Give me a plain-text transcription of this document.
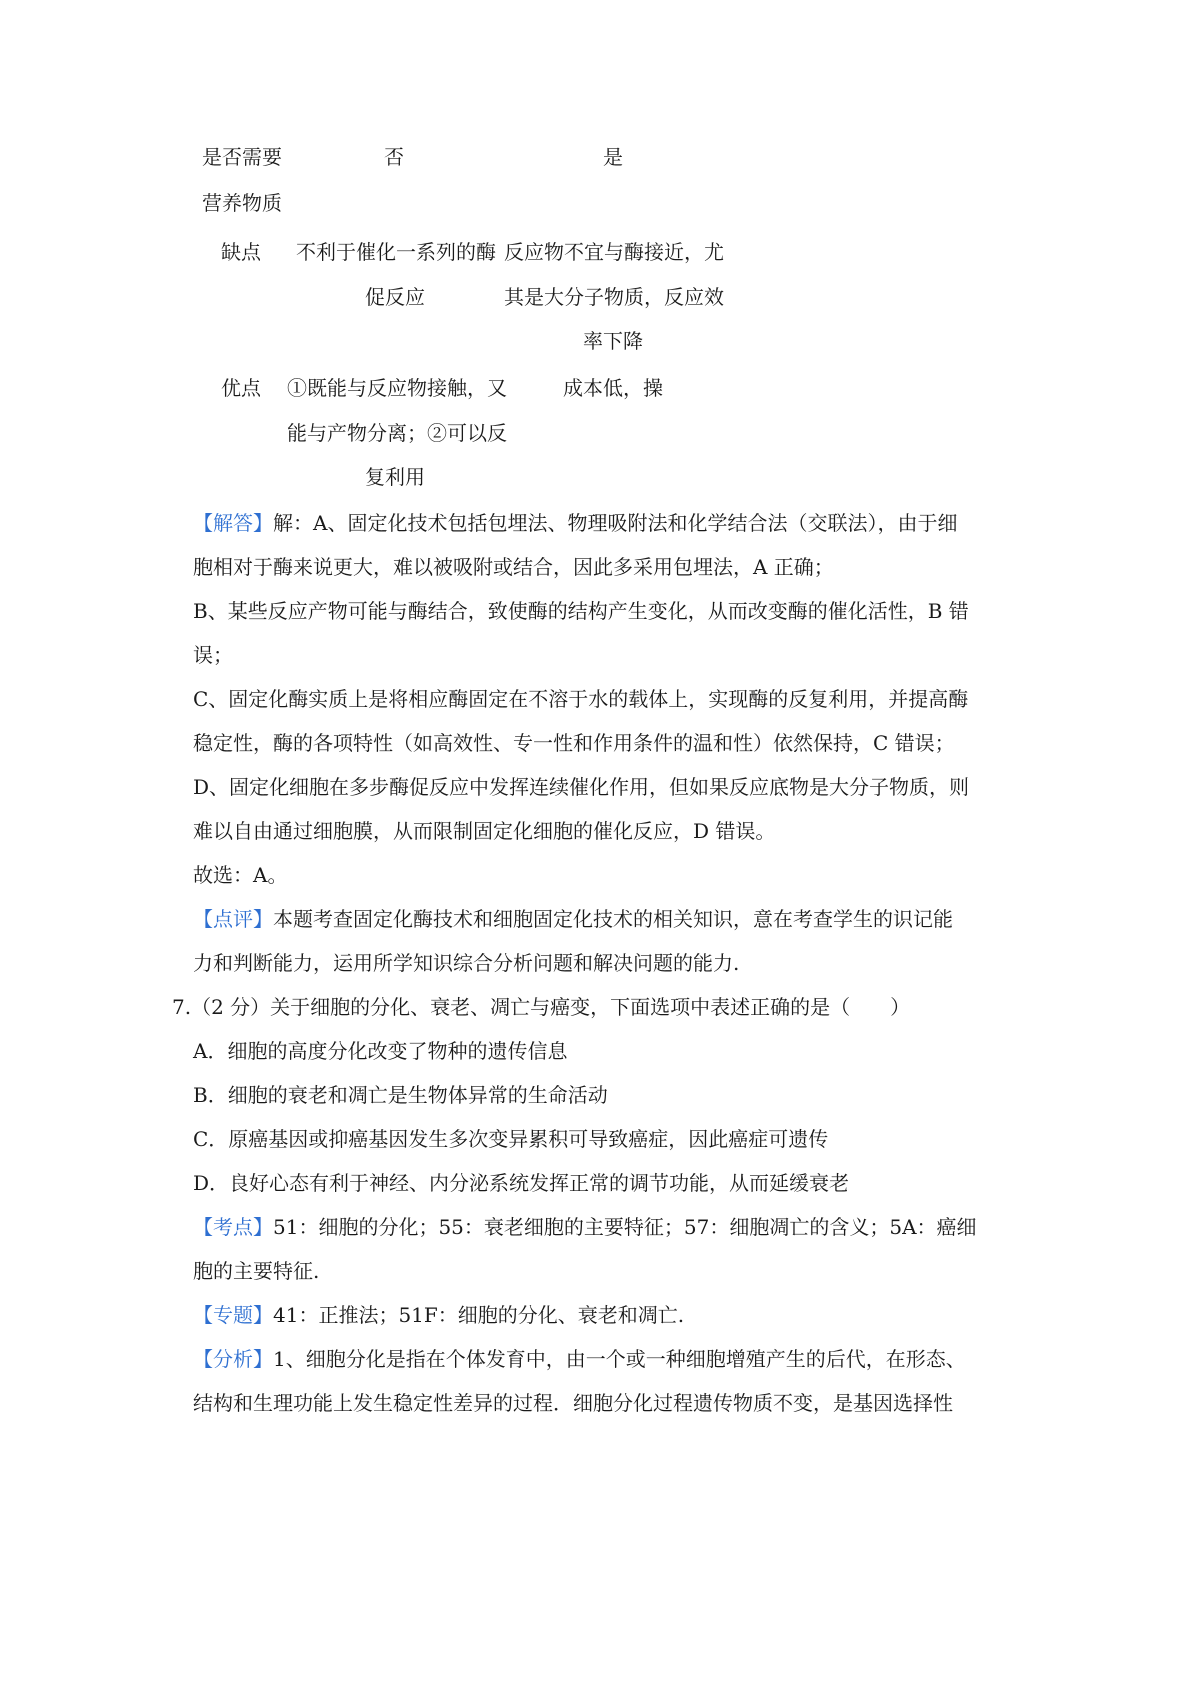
是否需要
营养物质
否	是
缺点 不利于催化一系列的酶
促反应
反应物不宜与酶接近，尤
其是大分子物质，反应效
率下降
优点 ①既能与反应物接触，又
能与产物分离；②可以反
复利用
成本低，操
【解答】解：A、固定化技术包括包埋法、物理吸附法和化学结合法（交联法），由于细
胞相对于酶来说更大，难以被吸附或结合，因此多采用包埋法，A 正确；
B、某些反应产物可能与酶结合，致使酶的结构产生变化，从而改变酶的催化活性，B 错
误；
C、固定化酶实质上是将相应酶固定在不溶于水的载体上，实现酶的反复利用，并提高酶
稳定性，酶的各项特性（如高效性、专一性和作用条件的温和性）依然保持，C 错误；
D、固定化细胞在多步酶促反应中发挥连续催化作用，但如果反应底物是大分子物质，则
难以自由通过细胞膜，从而限制固定化细胞的催化反应，D 错误。
故选：A。
【点评】本题考查固定化酶技术和细胞固定化技术的相关知识，意在考查学生的识记能
力和判断能力，运用所学知识综合分析问题和解决问题的能力.
7.（2 分）关于细胞的分化、衰老、凋亡与癌变，下面选项中表述正确的是（　　）
A．细胞的高度分化改变了物种的遗传信息
B．细胞的衰老和凋亡是生物体异常的生命活动
C．原癌基因或抑癌基因发生多次变异累积可导致癌症，因此癌症可遗传
D．良好心态有利于神经、内分泌系统发挥正常的调节功能，从而延缓衰老
【考点】51：细胞的分化；55：衰老细胞的主要特征；57：细胞凋亡的含义；5A：癌细
胞的主要特征.
【专题】41：正推法；51F：细胞的分化、衰老和凋亡.
【分析】1、细胞分化是指在个体发育中，由一个或一种细胞增殖产生的后代，在形态、
结构和生理功能上发生稳定性差异的过程．细胞分化过程遗传物质不变，是基因选择性
